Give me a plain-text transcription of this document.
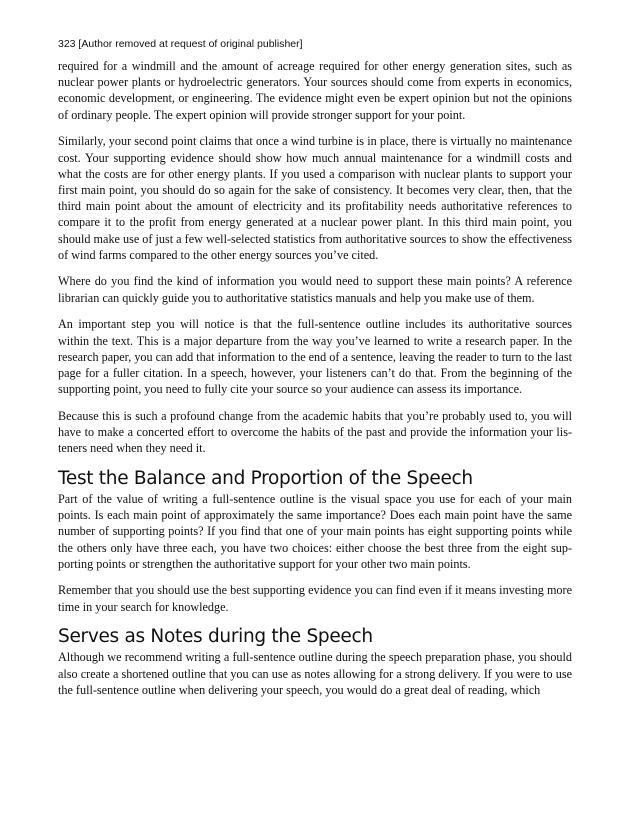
323 [Author removed at request of original publisher]

required for a windmill and the amount of acreage required for other energy generation sites, such as nuclear power plants or hydroelectric generators. Your sources should come from experts in economics, economic development, or engineering. The evidence might even be expert opinion but not the opinions of ordinary people. The expert opinion will provide stronger support for your point.

Similarly, your second point claims that once a wind turbine is in place, there is virtually no maintenance cost. Your supporting evidence should show how much annual maintenance for a windmill costs and what the costs are for other energy plants. If you used a comparison with nuclear plants to support your first main point, you should do so again for the sake of consistency. It becomes very clear, then, that the third main point about the amount of electricity and its profitability needs authoritative references to compare it to the profit from energy generated at a nuclear power plant. In this third main point, you should make use of just a few well-selected statistics from authoritative sources to show the effectiveness of wind farms compared to the other energy sources you’ve cited.

Where do you find the kind of information you would need to support these main points? A reference librarian can quickly guide you to authoritative statistics manuals and help you make use of them.

An important step you will notice is that the full-sentence outline includes its authoritative sources within the text. This is a major departure from the way you’ve learned to write a research paper. In the research paper, you can add that information to the end of a sentence, leaving the reader to turn to the last page for a fuller citation. In a speech, however, your listeners can’t do that. From the beginning of the supporting point, you need to fully cite your source so your audience can assess its importance.

Because this is such a profound change from the academic habits that you’re probably used to, you will have to make a concerted effort to overcome the habits of the past and provide the information your listeners need when they need it.

Test the Balance and Proportion of the Speech

Part of the value of writing a full-sentence outline is the visual space you use for each of your main points. Is each main point of approximately the same importance? Does each main point have the same number of supporting points? If you find that one of your main points has eight supporting points while the others only have three each, you have two choices: either choose the best three from the eight supporting points or strengthen the authoritative support for your other two main points.

Remember that you should use the best supporting evidence you can find even if it means investing more time in your search for knowledge.

Serves as Notes during the Speech

Although we recommend writing a full-sentence outline during the speech preparation phase, you should also create a shortened outline that you can use as notes allowing for a strong delivery. If you were to use the full-sentence outline when delivering your speech, you would do a great deal of reading, which
